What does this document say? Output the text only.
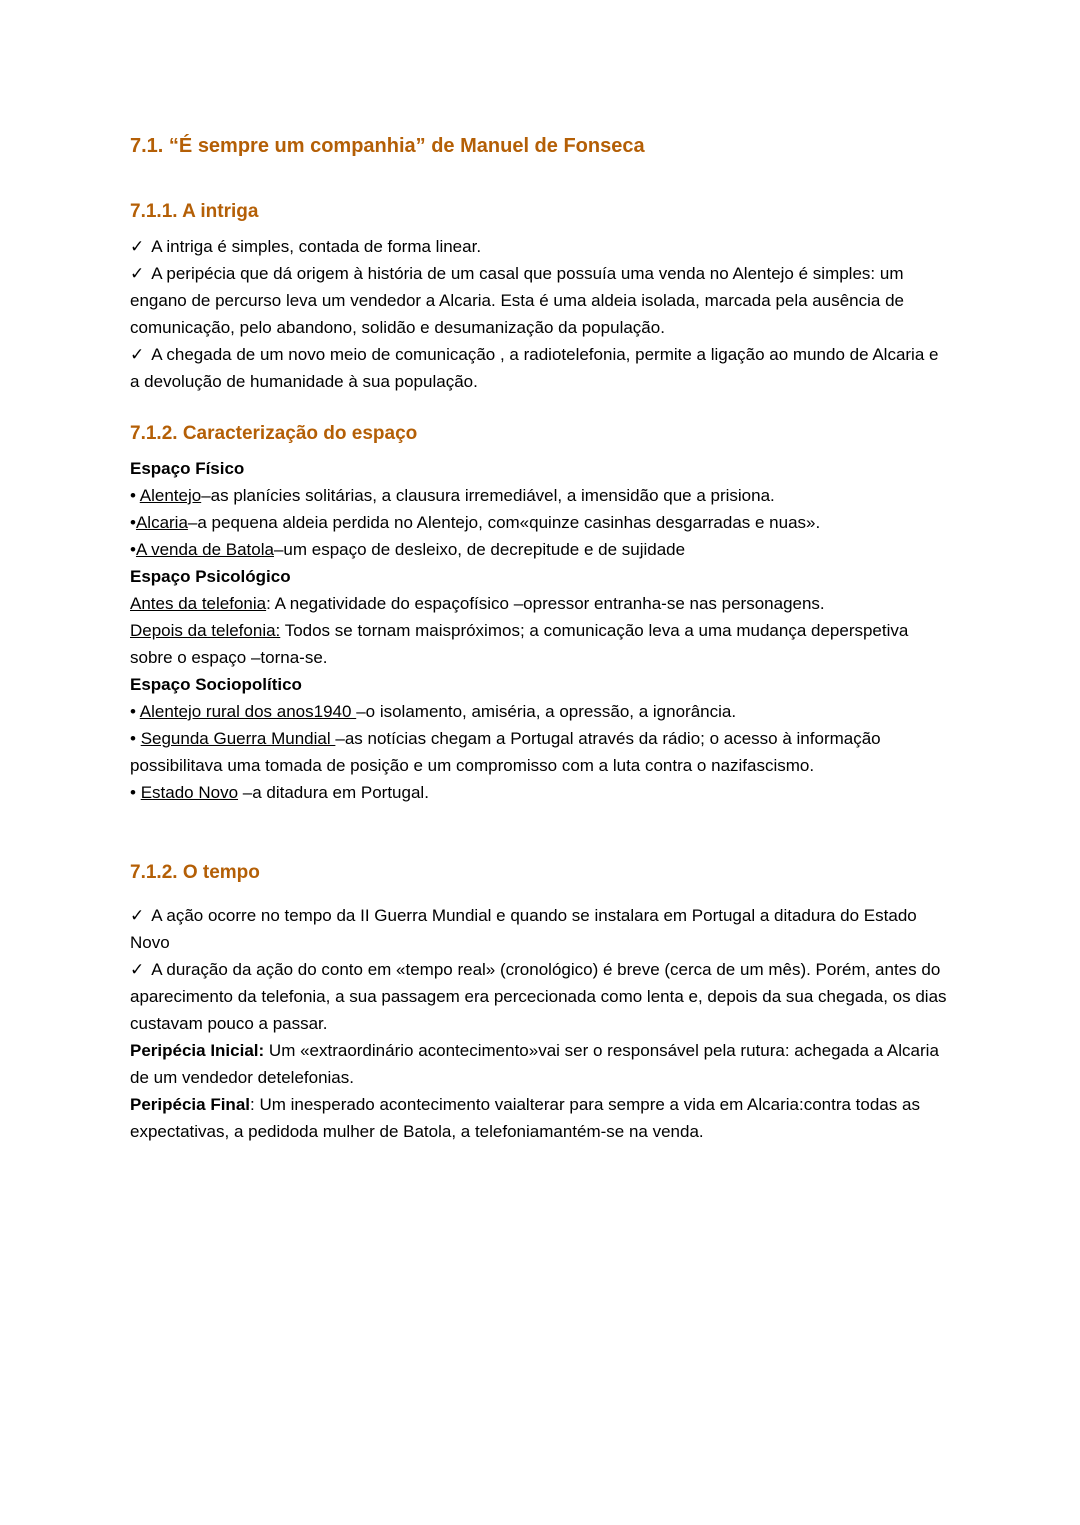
7.1. “É sempre um companhia” de Manuel de Fonseca
7.1.1. A intriga

✓ A intriga é simples, contada de forma linear.

✓ A peripécia que dá origem à história de um casal que possuía uma venda no Alentejo é simples: um engano de percurso leva um vendedor a Alcaria. Esta é uma aldeia isolada, marcada pela ausência de comunicação, pelo abandono, solidão e desumanização da população.

✓ A chegada de um novo meio de comunicação , a radiotelefonia, permite a ligação ao mundo de Alcaria e a devolução de humanidade à sua população.

7.1.2. Caracterização do espaço

Espaço Físico

• Alentejo–as planícies solitárias, a clausura irremediável, a imensidão que a prisiona.

•Alcaria–a pequena aldeia perdida no Alentejo, com«quinze casinhas desgarradas e nuas».

•A venda de Batola–um espaço de desleixo, de decrepitude e de sujidade

Espaço Psicológico

Antes da telefonia: A negatividade do espaçofísico –opressor entranha-se nas personagens.

Depois da telefonia: Todos se tornam maispróximos; a comunicação leva a uma mudança deperspetiva sobre o espaço –torna-se.

Espaço Sociopolítico

• Alentejo rural dos anos1940 –o isolamento, amiséria, a opressão, a ignorância.

• Segunda Guerra Mundial –as notícias chegam a Portugal através da rádio; o acesso à informação possibilitava uma tomada de posição e um compromisso com a luta contra o nazifascismo.

• Estado Novo –a ditadura em Portugal.

7.1.2. O tempo

✓ A ação ocorre no tempo da II Guerra Mundial e quando se instalara em Portugal a ditadura do Estado Novo

✓ A duração da ação do conto em «tempo real» (cronológico) é breve (cerca de um mês). Porém, antes do aparecimento da telefonia, a sua passagem era percecionada como lenta e, depois da sua chegada, os dias custavam pouco a passar.

Peripécia Inicial: Um «extraordinário acontecimento»vai ser o responsável pela rutura: achegada a Alcaria de um vendedor detelefonias.

Peripécia Final: Um inesperado acontecimento vaialterar para sempre a vida em Alcaria:contra todas as expectativas, a pedidoda mulher de Batola, a telefoniamantém-se na venda.
